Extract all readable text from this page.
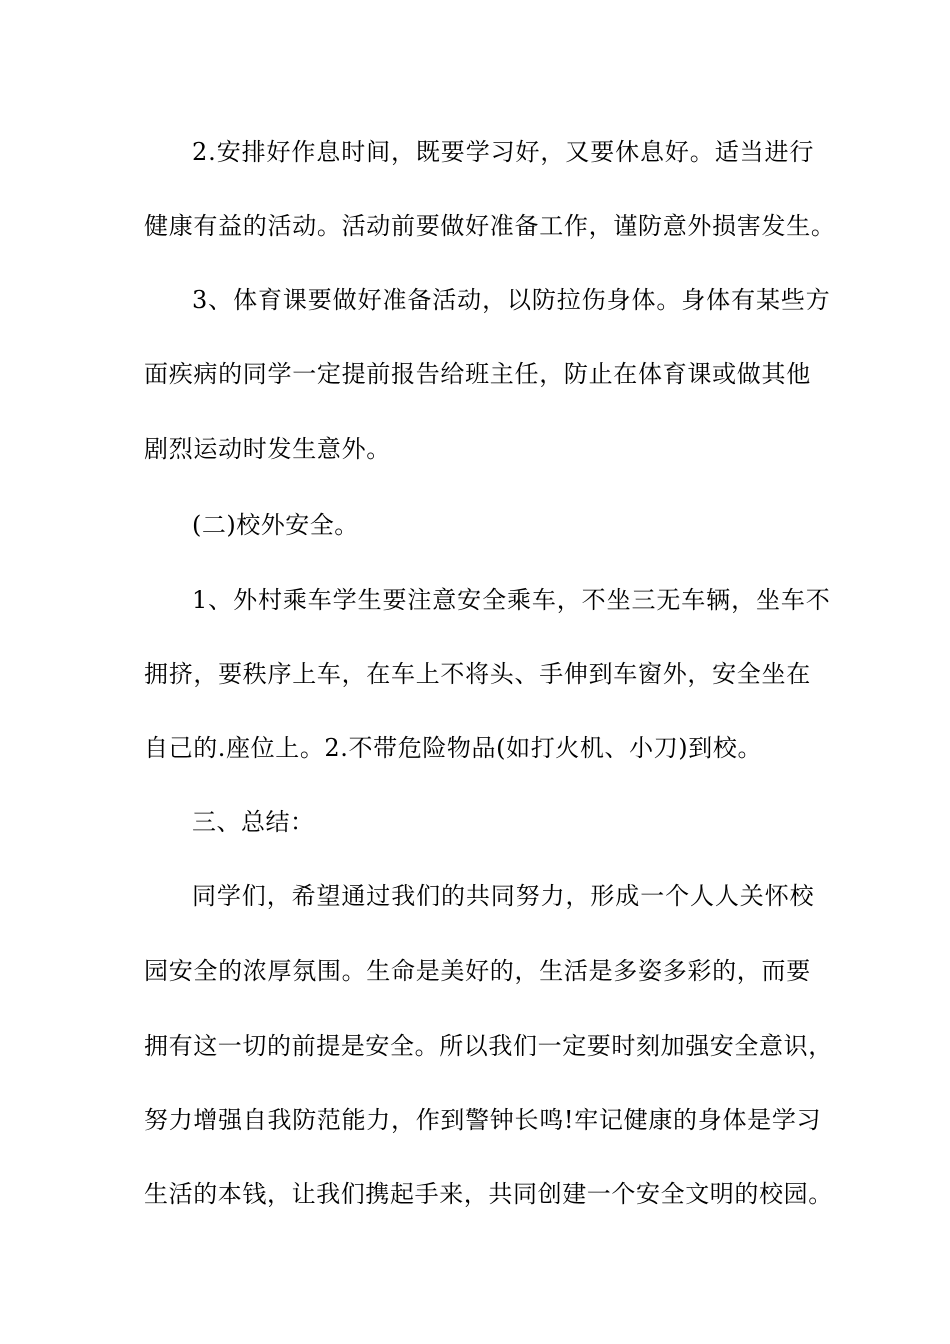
2.安排好作息时间，既要学习好，又要休息好。适当进行
健康有益的活动。活动前要做好准备工作，谨防意外损害发生。
3、体育课要做好准备活动，以防拉伤身体。身体有某些方
面疾病的同学一定提前报告给班主任，防止在体育课或做其他
剧烈运动时发生意外。
(二)校外安全。
1、外村乘车学生要注意安全乘车，不坐三无车辆，坐车不
拥挤，要秩序上车，在车上不将头、手伸到车窗外，安全坐在
自己的.座位上。2.不带危险物品(如打火机、小刀)到校。
三、总结：
同学们，希望通过我们的共同努力，形成一个人人关怀校
园安全的浓厚氛围。生命是美好的，生活是多姿多彩的，而要
拥有这一切的前提是安全。所以我们一定要时刻加强安全意识，
努力增强自我防范能力，作到警钟长鸣!牢记健康的身体是学习
生活的本钱，让我们携起手来，共同创建一个安全文明的校园。
